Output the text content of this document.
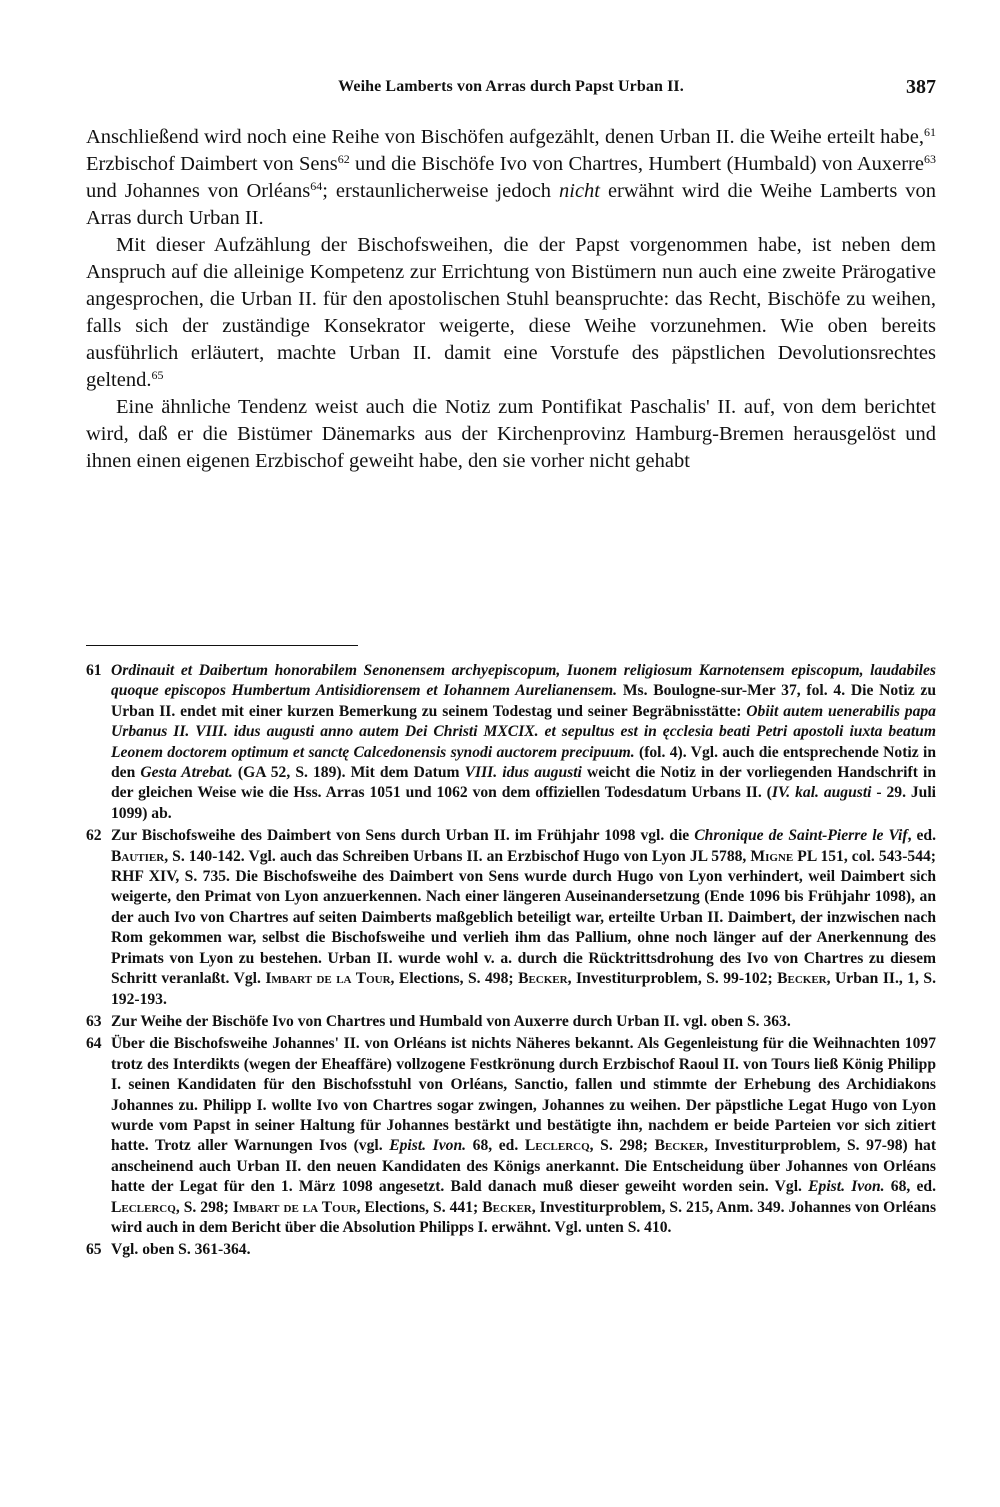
Weihe Lamberts von Arras durch Papst Urban II.	387

Anschließend wird noch eine Reihe von Bischöfen aufgezählt, denen Urban II. die Weihe erteilt habe,$^{61}$ Erzbischof Daimbert von Sens$^{62}$ und die Bischöfe Ivo von Chartres, Humbert (Humbald) von Auxerre$^{63}$ und Johannes von Orléans$^{64}$; erstaunlicherweise jedoch nicht erwähnt wird die Weihe Lamberts von Arras durch Urban II.

Mit dieser Aufzählung der Bischofsweihen, die der Papst vorgenommen habe, ist neben dem Anspruch auf die alleinige Kompetenz zur Errichtung von Bistümern nun auch eine zweite Prärogative angesprochen, die Urban II. für den apostolischen Stuhl beanspruchte: das Recht, Bischöfe zu weihen, falls sich der zuständige Konsekrator weigerte, diese Weihe vorzunehmen. Wie oben bereits ausführlich erläutert, machte Urban II. damit eine Vorstufe des päpstlichen Devolutionsrechtes geltend.$^{65}$

Eine ähnliche Tendenz weist auch die Notiz zum Pontifikat Paschalis' II. auf, von dem berichtet wird, daß er die Bistümer Dänemarks aus der Kirchenprovinz Hamburg-Bremen herausgelöst und ihnen einen eigenen Erzbischof geweiht habe, den sie vorher nicht gehabt

61 Ordinauit et Daibertum honorabilem Senonensem archyepiscopum, Iuonem religiosum Karnotensem episcopum, laudabiles quoque episcopos Humbertum Antisidiorensem et Iohannem Aurelianensem. Ms. Boulogne-sur-Mer 37, fol. 4. Die Notiz zu Urban II. endet mit einer kurzen Bemerkung zu seinem Todestag und seiner Begräbnisstätte: Obiit autem uenerabilis papa Urbanus II. VIII. idus augusti anno autem Dei Christi MXCIX. et sepultus est in ęcclesia beati Petri apostoli iuxta beatum Leonem doctorem optimum et sanctę Calcedonensis synodi auctorem precipuum. (fol. 4). Vgl. auch die entsprechende Notiz in den Gesta Atrebat. (GA 52, S. 189). Mit dem Datum VIII. idus augusti weicht die Notiz in der vorliegenden Handschrift in der gleichen Weise wie die Hss. Arras 1051 und 1062 von dem offiziellen Todesdatum Urbans II. (IV. kal. augusti - 29. Juli 1099) ab.
62 Zur Bischofsweihe des Daimbert von Sens durch Urban II. im Frühjahr 1098 vgl. die Chronique de Saint-Pierre le Vif, ed. Bautier, S. 140-142. Vgl. auch das Schreiben Urbans II. an Erzbischof Hugo von Lyon JL 5788, Migne PL 151, col. 543-544; RHF XIV, S. 735. Die Bischofsweihe des Daimbert von Sens wurde durch Hugo von Lyon verhindert, weil Daimbert sich weigerte, den Primat von Lyon anzuerkennen. Nach einer längeren Auseinandersetzung (Ende 1096 bis Frühjahr 1098), an der auch Ivo von Chartres auf seiten Daimberts maßgeblich beteiligt war, erteilte Urban II. Daimbert, der inzwischen nach Rom gekommen war, selbst die Bischofsweihe und verlieh ihm das Pallium, ohne noch länger auf der Anerkennung des Primats von Lyon zu bestehen. Urban II. wurde wohl v. a. durch die Rücktrittsdrohung des Ivo von Chartres zu diesem Schritt veranlaßt. Vgl. Imbart de la Tour, Elections, S. 498; Becker, Investiturproblem, S. 99-102; Becker, Urban II., 1, S. 192-193.
63 Zur Weihe der Bischöfe Ivo von Chartres und Humbald von Auxerre durch Urban II. vgl. oben S. 363.
64 Über die Bischofsweihe Johannes' II. von Orléans ist nichts Näheres bekannt. Als Gegenleistung für die Weihnachten 1097 trotz des Interdikts (wegen der Eheaffäre) vollzogene Festkrönung durch Erzbischof Raoul II. von Tours ließ König Philipp I. seinen Kandidaten für den Bischofsstuhl von Orléans, Sanctio, fallen und stimmte der Erhebung des Archidiakons Johannes zu. Philipp I. wollte Ivo von Chartres sogar zwingen, Johannes zu weihen. Der päpstliche Legat Hugo von Lyon wurde vom Papst in seiner Haltung für Johannes bestärkt und bestätigte ihn, nachdem er beide Parteien vor sich zitiert hatte. Trotz aller Warnungen Ivos (vgl. Epist. Ivon. 68, ed. Leclercq, S. 298; Becker, Investiturproblem, S. 97-98) hat anscheinend auch Urban II. den neuen Kandidaten des Königs anerkannt. Die Entscheidung über Johannes von Orléans hatte der Legat für den 1. März 1098 angesetzt. Bald danach muß dieser geweiht worden sein. Vgl. Epist. Ivon. 68, ed. Leclercq, S. 298; Imbart de la Tour, Elections, S. 441; Becker, Investiturproblem, S. 215, Anm. 349. Johannes von Orléans wird auch in dem Bericht über die Absolution Philipps I. erwähnt. Vgl. unten S. 410.
65 Vgl. oben S. 361-364.
